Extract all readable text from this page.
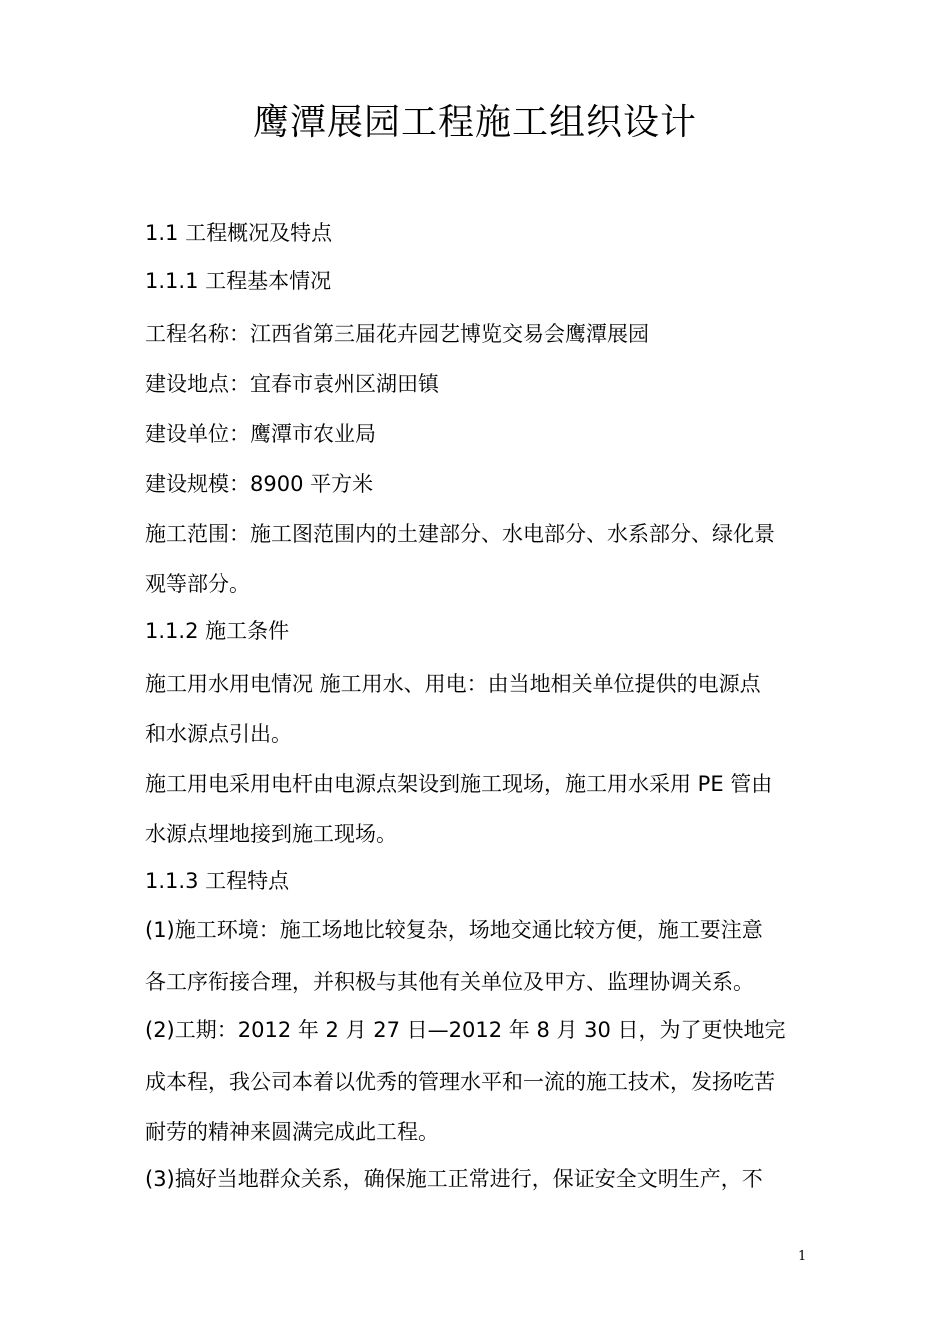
鹰潭展园工程施工组织设计
1.1 工程概况及特点
1.1.1 工程基本情况
工程名称：江西省第三届花卉园艺博览交易会鹰潭展园
建设地点：宜春市袁州区湖田镇
建设单位：鹰潭市农业局
建设规模：8900 平方米
施工范围：施工图范围内的土建部分、水电部分、水系部分、绿化景
观等部分。
1.1.2 施工条件
施工用水用电情况 施工用水、用电：由当地相关单位提供的电源点
和水源点引出。
施工用电采用电杆由电源点架设到施工现场，施工用水采用 PE 管由
水源点埋地接到施工现场。
1.1.3 工程特点
(1)施工环境：施工场地比较复杂，场地交通比较方便，施工要注意
各工序衔接合理，并积极与其他有关单位及甲方、监理协调关系。
(2)工期：2012 年 2 月 27 日—2012 年 8 月 30 日，为了更快地完
成本程，我公司本着以优秀的管理水平和一流的施工技术，发扬吃苦
耐劳的精神来圆满完成此工程。
(3)搞好当地群众关系，确保施工正常进行，保证安全文明生产，不
1
